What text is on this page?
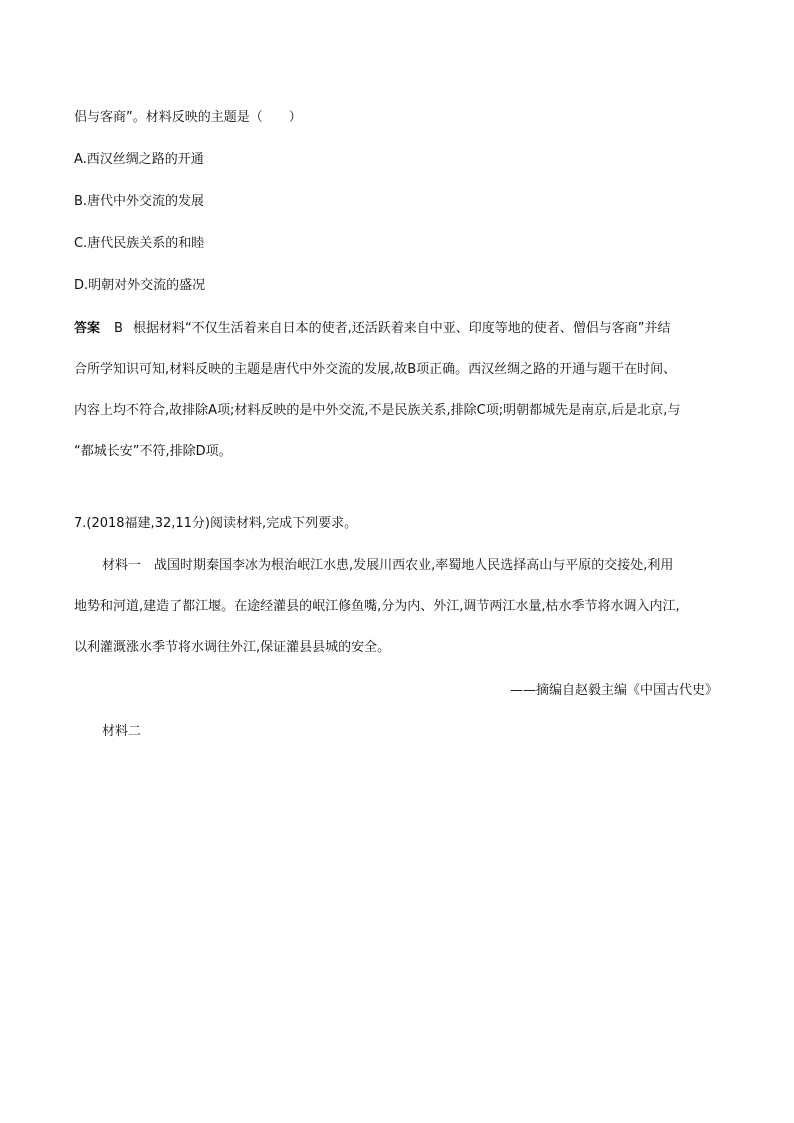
侣与客商”。材料反映的主题是（　　）
A.西汉丝绸之路的开通
B.唐代中外交流的发展
C.唐代民族关系的和睦
D.明朝对外交流的盛况
答案 B 根据材料“不仅生活着来自日本的使者,还活跃着来自中亚、印度等地的使者、僧侣与客商”并结
合所学知识可知,材料反映的主题是唐代中外交流的发展,故B项正确。西汉丝绸之路的开通与题干在时间、
内容上均不符合,故排除A项;材料反映的是中外交流,不是民族关系,排除C项;明朝都城先是南京,后是北京,与
“都城长安”不符,排除D项。
7.(2018福建,32,11分)阅读材料,完成下列要求。
材料一　战国时期秦国李冰为根治岷江水患,发展川西农业,率蜀地人民选择高山与平原的交接处,利用
地势和河道,建造了都江堰。在途经灌县的岷江修鱼嘴,分为内、外江,调节两江水量,枯水季节将水调入内江,
以利灌溉涨水季节将水调往外江,保证灌县县城的安全。
——摘编自赵毅主编《中国古代史》
材料二
